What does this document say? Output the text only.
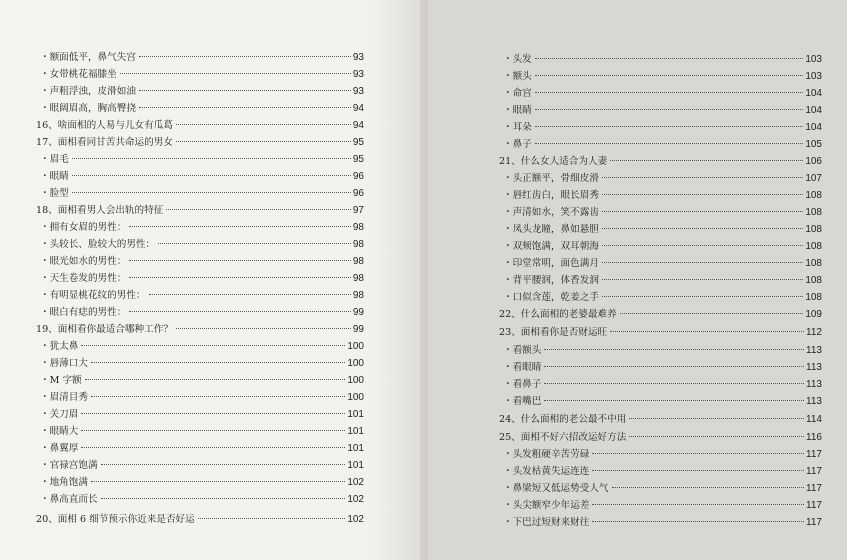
・额面低平，鼻气失宫	93
・女带桃花福膝坐	93
・声粗浮浊，皮滑如油	93
・眼阔眉高，胸高臀挠	94
16、啥面相的人易与儿女有瓜葛	94
17、面相看同甘苦共命运的男女	95
・眉毛	95
・眼睛	96
・脸型	96
18、面相看男人会出轨的特征	97
・拥有女眉的男性：	98
・头较长、脸较大的男性：	98
・眼光如水的男性：	98
・天生卷发的男性：	98
・有明显桃花纹的男性：	98
・眼白有痣的男性：	99
19、面相看你最适合哪种工作？	99
・犹太鼻	100
・唇薄口大	100
・M 字额	100
・眉清目秀	100
・关刀眉	101
・眼睛大	101
・鼻翼厚	101
・官禄宫饱满	101
・地角饱满	102
・鼻高直而长	102
20、面相 6 细节预示你近来是否好运	102
・头发	103
・额头	103
・命宫	104
・眼睛	104
・耳朵	104
・鼻子	105
21、什么女人适合为人妻	106
・头正额平，骨细皮滑	107
・唇红齿白，眼长眉秀	108
・声清如水，笑不露齿	108
・凤头龙瞳，鼻如悬胆	108
・双颊饱满，双耳朝海	108
・印堂常明，面色满月	108
・背平腰润，体香发润	108
・口似含莲，乾姜之手	108
22、什么面相的老婆最难养	109
23、面相看你是否财运旺	112
・看额头	113
・看眼睛	113
・看鼻子	113
・看嘴巴	113
24、什么面相的老公最不中用	114
25、面相不好六招改运好方法	116
・头发粗硬辛苦劳碌	117
・头发枯黄失运连连	117
・鼻梁短又低运势受人气	117
・头尖额窄少年运差	117
・下巴过短财来财往	117
